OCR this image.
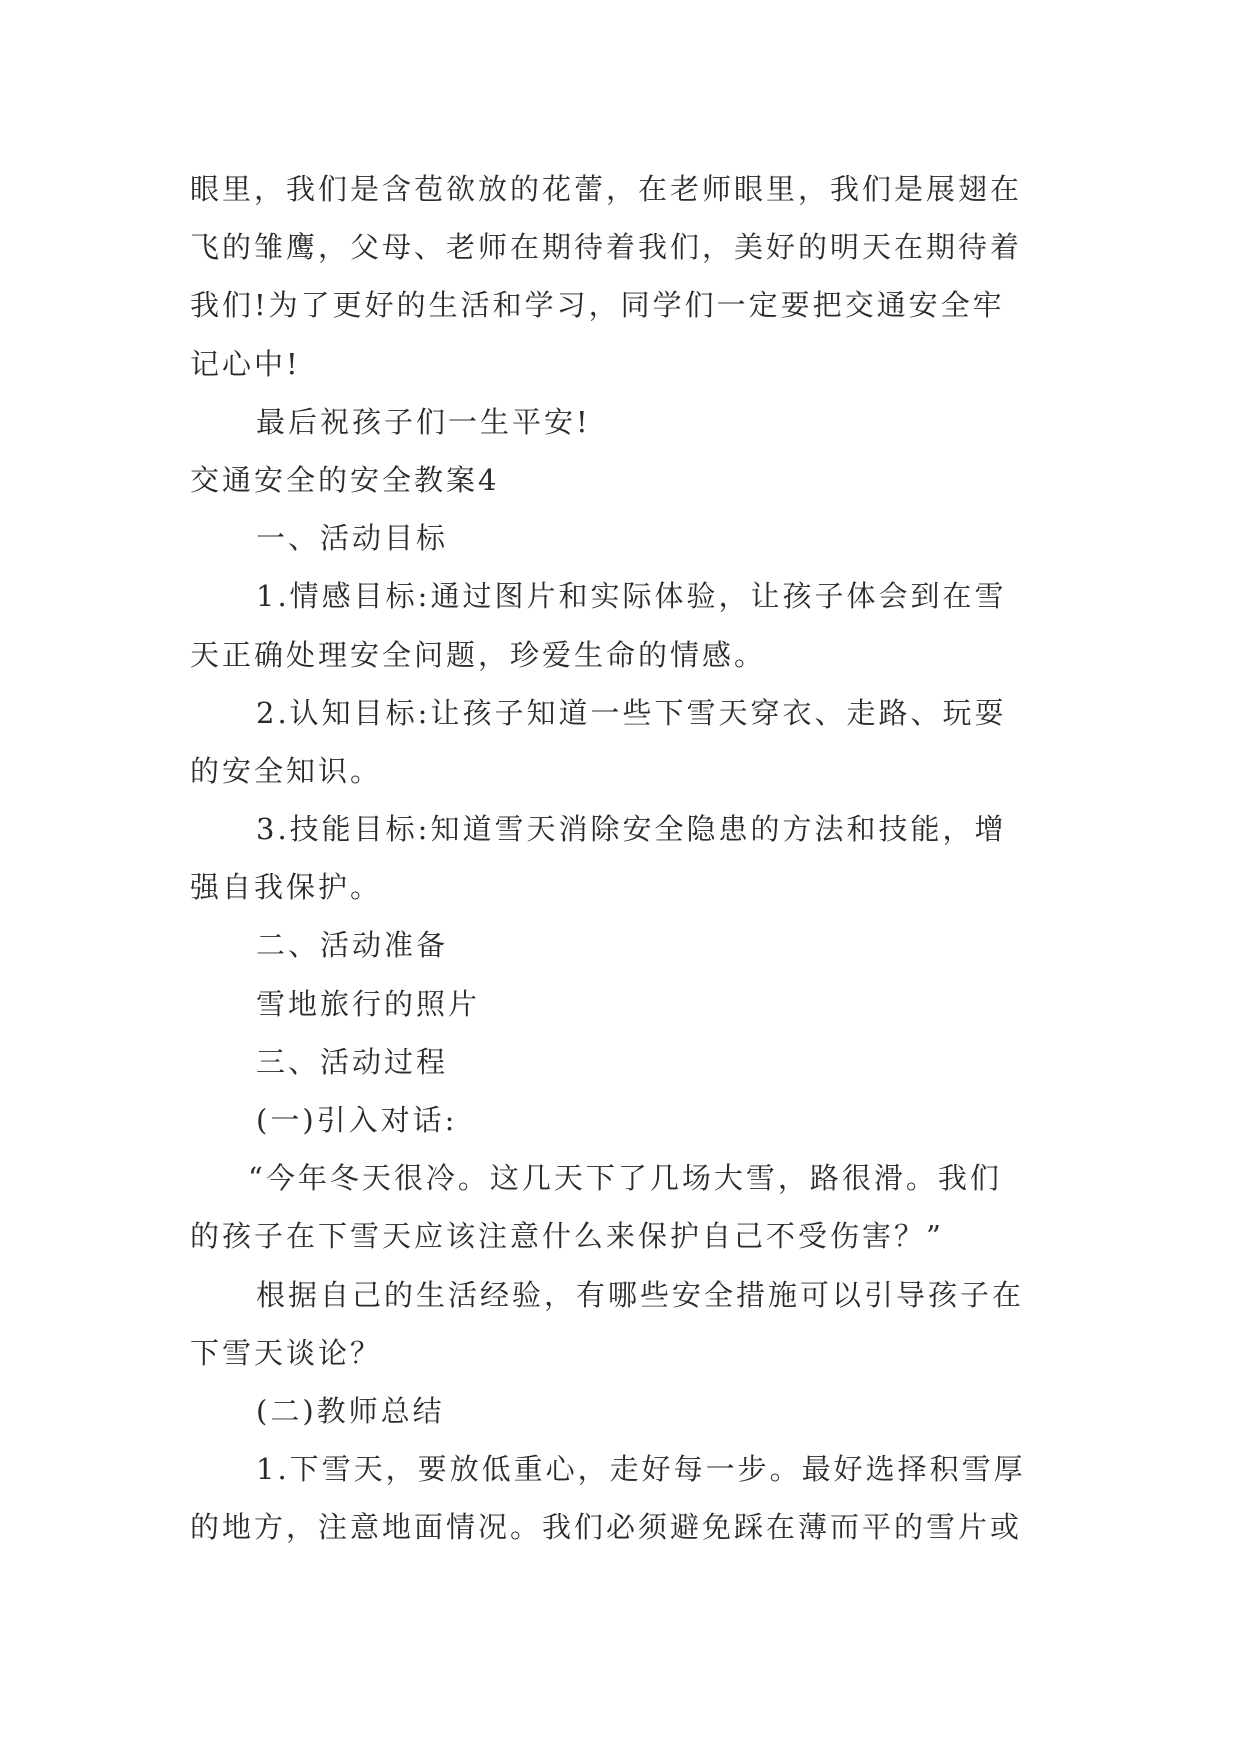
眼里，我们是含苞欲放的花蕾，在老师眼里，我们是展翅在
飞的雏鹰，父母、老师在期待着我们，美好的明天在期待着
我们!为了更好的生活和学习，同学们一定要把交通安全牢
记心中!
最后祝孩子们一生平安!
交通安全的安全教案4
一、活动目标
1.情感目标:通过图片和实际体验，让孩子体会到在雪
天正确处理安全问题，珍爱生命的情感。
2.认知目标:让孩子知道一些下雪天穿衣、走路、玩耍
的安全知识。
3.技能目标:知道雪天消除安全隐患的方法和技能，增
强自我保护。
二、活动准备
雪地旅行的照片
三、活动过程
(一)引入对话:
“今年冬天很冷。这几天下了几场大雪，路很滑。我们
的孩子在下雪天应该注意什么来保护自己不受伤害？”
根据自己的生活经验，有哪些安全措施可以引导孩子在
下雪天谈论？
(二)教师总结
1.下雪天，要放低重心，走好每一步。最好选择积雪厚
的地方，注意地面情况。我们必须避免踩在薄而平的雪片或
